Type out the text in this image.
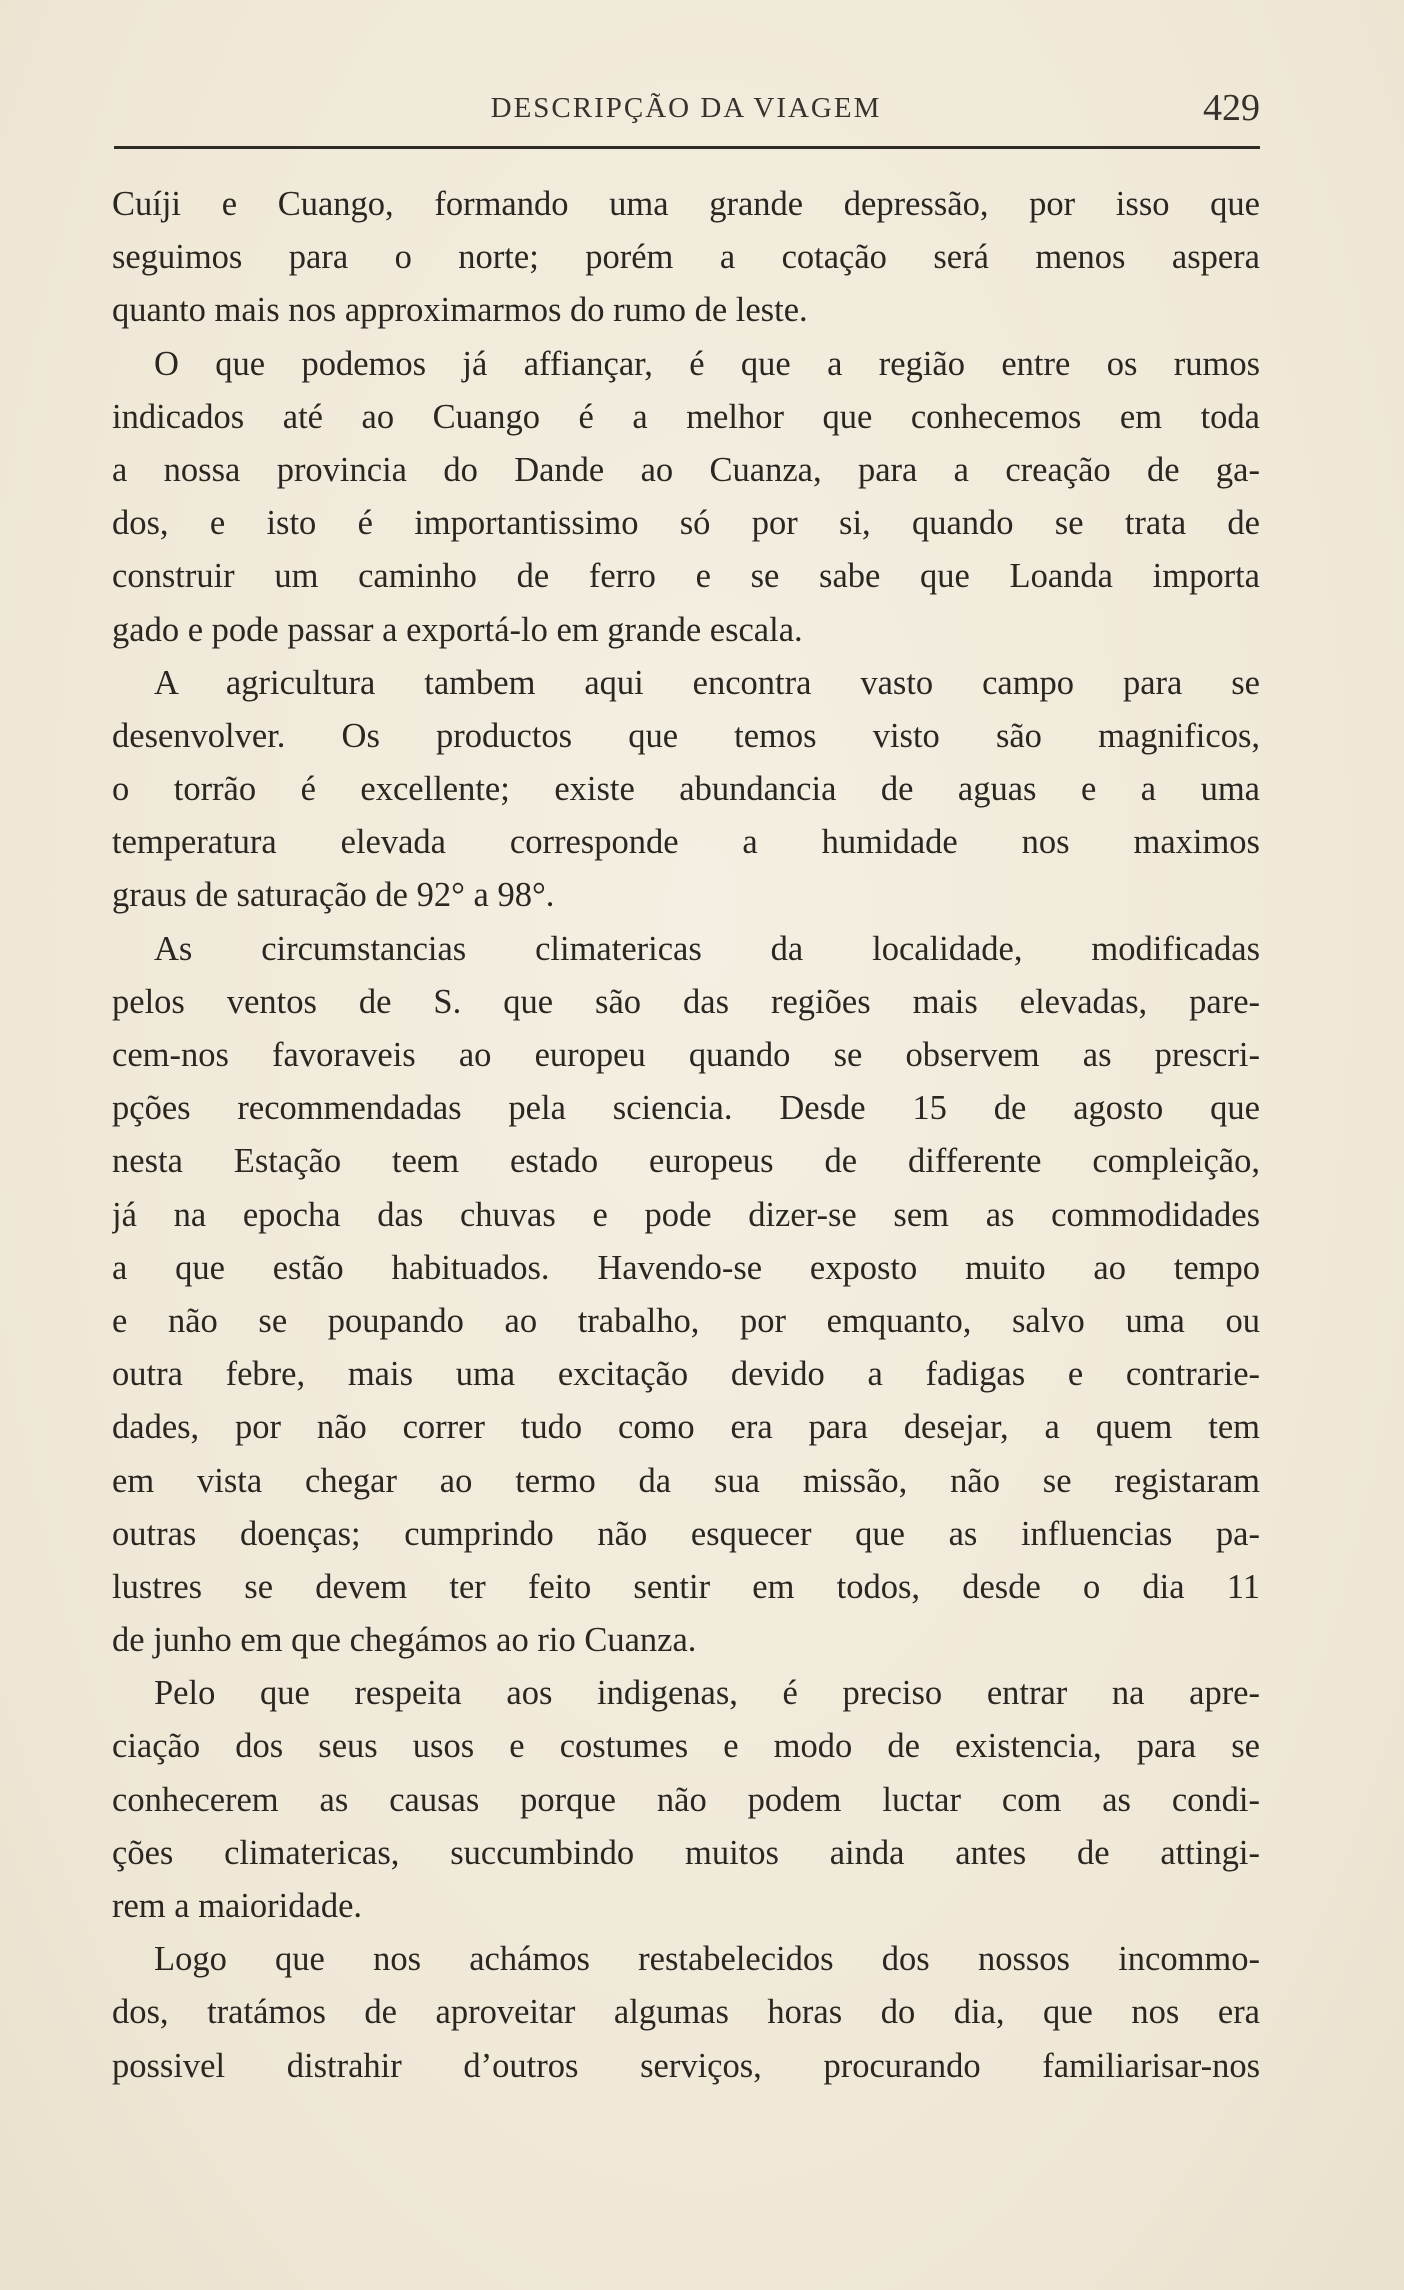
DESCRIPÇÃO DA VIAGEM	429
Cuíji e Cuango, formando uma grande depressão, por isso que
seguimos para o norte; porém a cotação será menos aspera
quanto mais nos approximarmos do rumo de leste.
O que podemos já affiançar, é que a região entre os rumos
indicados até ao Cuango é a melhor que conhecemos em toda
a nossa provincia do Dande ao Cuanza, para a creação de ga-
dos, e isto é importantissimo só por si, quando se trata de
construir um caminho de ferro e se sabe que Loanda importa
gado e pode passar a exportá-lo em grande escala.
A agricultura tambem aqui encontra vasto campo para se
desenvolver. Os productos que temos visto são magnificos,
o torrão é excellente; existe abundancia de aguas e a uma
temperatura elevada corresponde a humidade nos maximos
graus de saturação de 92° a 98°.
As circumstancias climatericas da localidade, modificadas
pelos ventos de S. que são das regiões mais elevadas, pare-
cem-nos favoraveis ao europeu quando se observem as prescri-
pções recommendadas pela sciencia. Desde 15 de agosto que
nesta Estação teem estado europeus de differente compleição,
já na epocha das chuvas e pode dizer-se sem as commodidades
a que estão habituados. Havendo-se exposto muito ao tempo
e não se poupando ao trabalho, por emquanto, salvo uma ou
outra febre, mais uma excitação devido a fadigas e contrarie-
dades, por não correr tudo como era para desejar, a quem tem
em vista chegar ao termo da sua missão, não se registaram
outras doenças; cumprindo não esquecer que as influencias pa-
lustres se devem ter feito sentir em todos, desde o dia 11
de junho em que chegámos ao rio Cuanza.
Pelo que respeita aos indigenas, é preciso entrar na apre-
ciação dos seus usos e costumes e modo de existencia, para se
conhecerem as causas porque não podem luctar com as condi-
ções climatericas, succumbindo muitos ainda antes de attingi-
rem a maioridade.
Logo que nos achámos restabelecidos dos nossos incommo-
dos, tratámos de aproveitar algumas horas do dia, que nos era
possivel distrahir d’outros serviços, procurando familiarisar-nos
